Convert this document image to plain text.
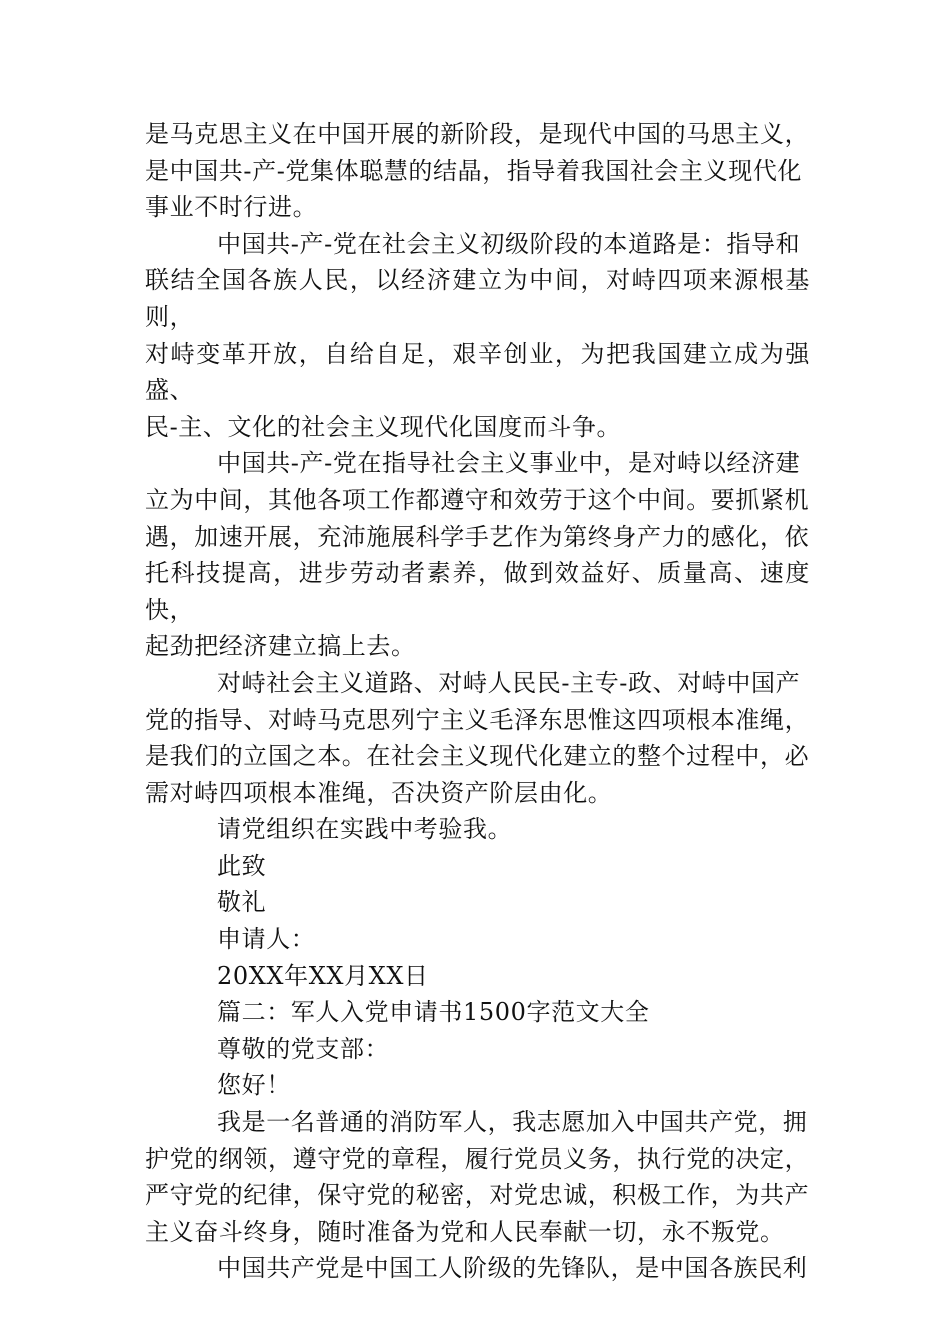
是马克思主义在中国开展的新阶段，是现代中国的马思主义，
是中国共-产-党集体聪慧的结晶，指导着我国社会主义现代化
事业不时行进。

中国共-产-党在社会主义初级阶段的本道路是：指导和
联结全国各族人民，以经济建立为中间，对峙四项来源根基则，
对峙变革开放，自给自足，艰辛创业，为把我国建立成为强盛、
民-主、文化的社会主义现代化国度而斗争。

中国共-产-党在指导社会主义事业中，是对峙以经济建
立为中间，其他各项工作都遵守和效劳于这个中间。要抓紧机
遇，加速开展，充沛施展科学手艺作为第终身产力的感化，依
托科技提高，进步劳动者素养，做到效益好、质量高、速度快，
起劲把经济建立搞上去。

对峙社会主义道路、对峙人民民-主专-政、对峙中国产
党的指导、对峙马克思列宁主义毛泽东思惟这四项根本准绳，
是我们的立国之本。在社会主义现代化建立的整个过程中，必
需对峙四项根本准绳，否决资产阶层由化。

请党组织在实践中考验我。

此致

敬礼

申请人：

20XX年XX月XX日

篇二：军人入党申请书1500字范文大全

尊敬的党支部：

您好！

我是一名普通的消防军人，我志愿加入中国共产党，拥
护党的纲领，遵守党的章程，履行党员义务，执行党的决定，
严守党的纪律，保守党的秘密，对党忠诚，积极工作，为共产
主义奋斗终身，随时准备为党和人民奉献一切，永不叛党。

中国共产党是中国工人阶级的先锋队，是中国各族民利
